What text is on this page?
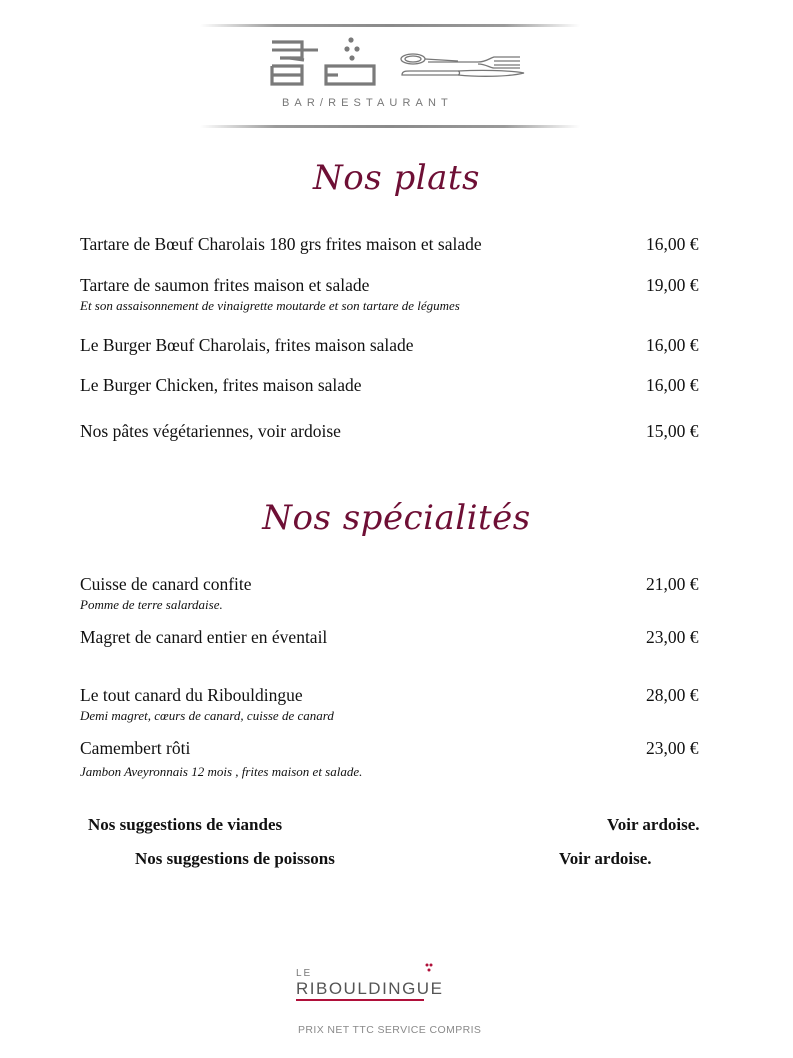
BAR/RESTAURANT
Nos plats
Tartare de Bœuf Charolais 180 grs frites maison et salade	16,00 €
Tartare de saumon frites maison et salade	19,00 €
Et son assaisonnement de vinaigrette moutarde et son tartare de légumes
Le Burger Bœuf Charolais, frites maison salade	16,00 €
Le Burger Chicken, frites maison salade	16,00 €
Nos pâtes végétariennes, voir ardoise	15,00 €
Nos spécialités
Cuisse de canard confite	21,00 €
Pomme de terre salardaise.
Magret de canard entier en éventail	23,00 €
Le tout canard du Ribouldingue	28,00 €
Demi magret, cœurs de canard, cuisse de canard
Camembert rôti	23,00 €
Jambon Aveyronnais 12 mois , frites maison et salade.
Nos suggestions de viandes	Voir ardoise.
Nos suggestions de poissons	Voir ardoise.
LE
RIBOULDINGUE
PRIX NET TTC SERVICE COMPRIS
